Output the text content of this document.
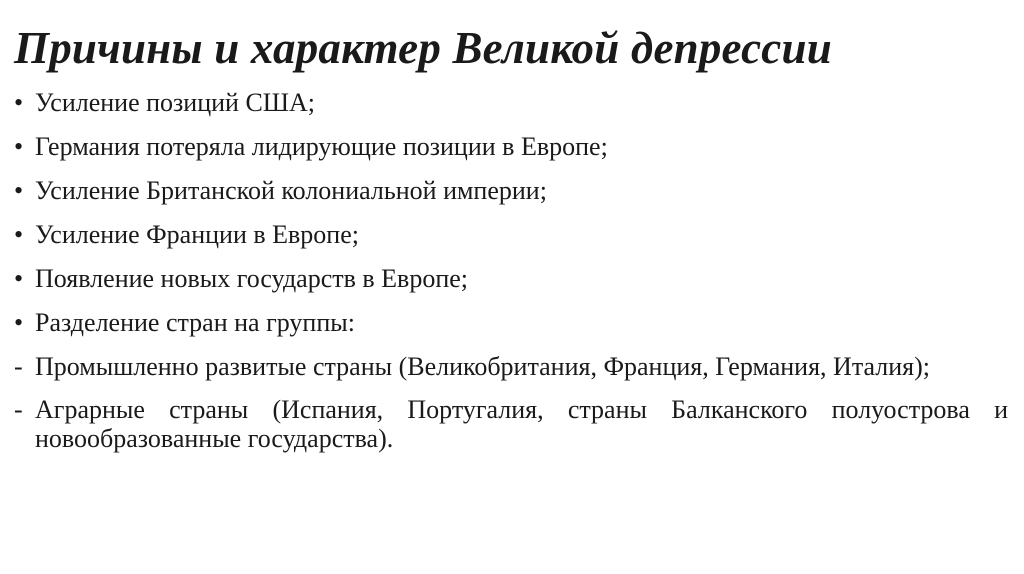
Причины и характер Великой депрессии
• Усиление позиций США;
• Германия потеряла лидирующие позиции в Европе;
• Усиление Британской колониальной империи;
• Усиление Франции в Европе;
• Появление новых государств в Европе;
• Разделение стран на группы:
- Промышленно развитые страны (Великобритания, Франция, Германия, Италия);
- Аграрные страны (Испания, Португалия, страны Балканского полуострова и новообразованные государства).
